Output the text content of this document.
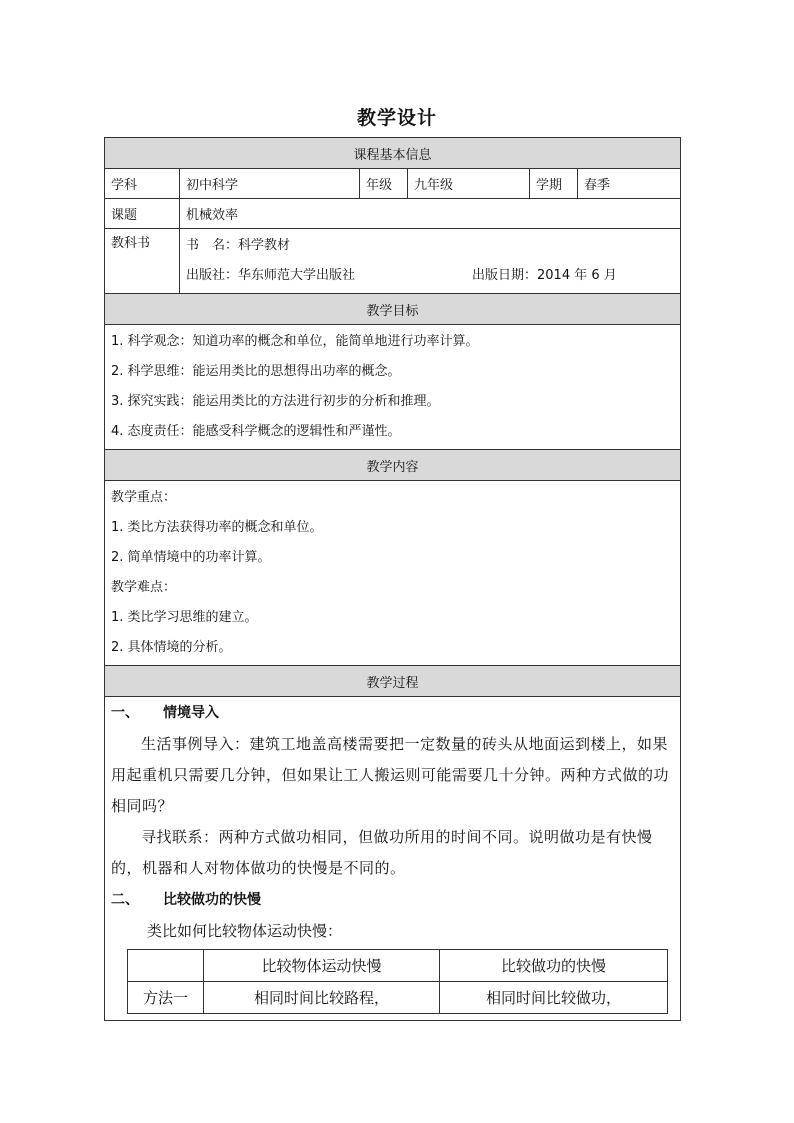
教学设计
课程基本信息
学科	初中科学	年级	九年级	学期	春季
课题	机械效率
教科书	书　名：科学教材
出版社：华东师范大学出版社	出版日期：2014 年 6 月

教学目标

1. 科学观念：知道功率的概念和单位，能简单地进行功率计算。
2. 科学思维：能运用类比的思想得出功率的概念。
3. 探究实践：能运用类比的方法进行初步的分析和推理。
4. 态度责任：能感受科学概念的逻辑性和严谨性。

教学内容

教学重点：
1. 类比方法获得功率的概念和单位。
2. 简单情境中的功率计算。
教学难点：
1. 类比学习思维的建立。
2. 具体情境的分析。

教学过程

一、 情境导入
生活事例导入：建筑工地盖高楼需要把一定数量的砖头从地面运到楼上，如果用起重机只需要几分钟，但如果让工人搬运则可能需要几十分钟。两种方式做的功相同吗？
寻找联系：两种方式做功相同，但做功所用的时间不同。说明做功是有快慢的，机器和人对物体做功的快慢是不同的。
二、 比较做功的快慢
类比如何比较物体运动快慢：
	比较物体运动快慢	比较做功的快慢
方法一	相同时间比较路程，	相同时间比较做功，
